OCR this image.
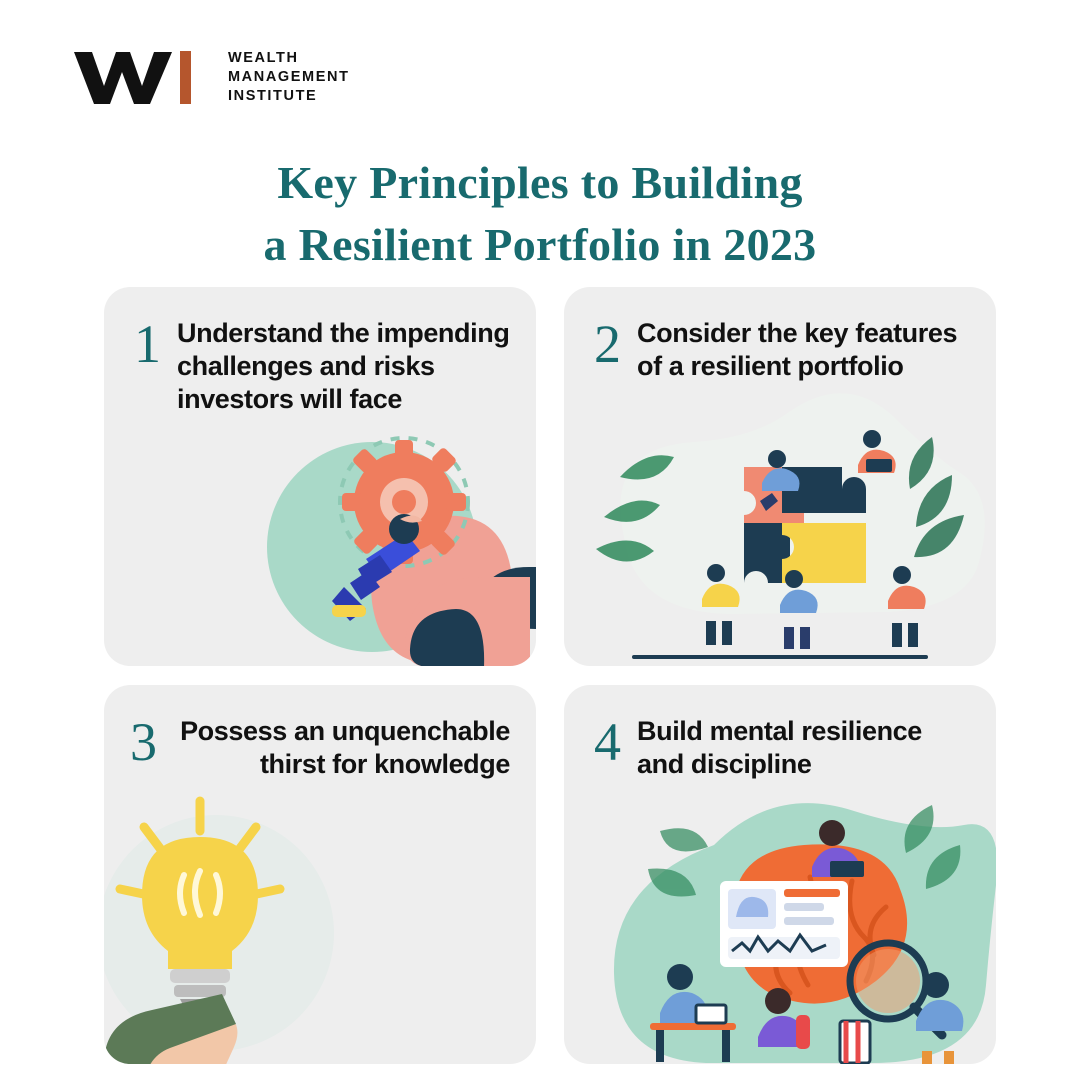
WEALTH
MANAGEMENT
INSTITUTE
Key Principles to Building
a Resilient Portfolio in 2023
1 Understand the impending challenges and risks investors will face
2 Consider the key features of a resilient portfolio
3 Possess an unquenchable thirst for knowledge 4 Build mental resilience and discipline
